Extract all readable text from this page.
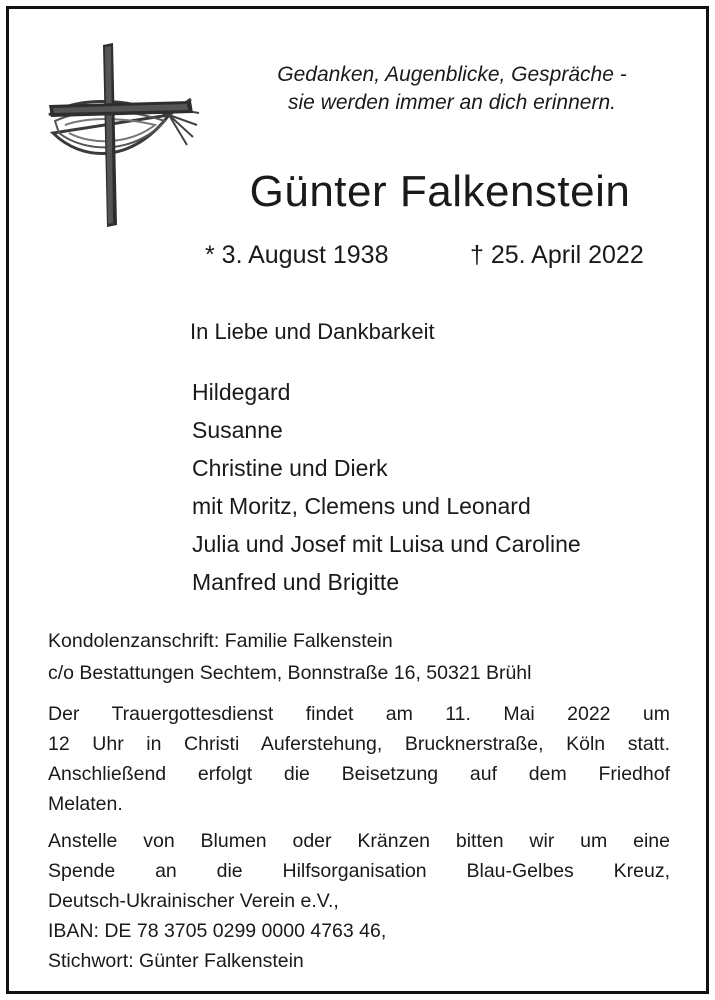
Gedanken, Augenblicke, Gespräche -
sie werden immer an dich erinnern.
Günter Falkenstein
* 3. August 1938	† 25. April 2022
In Liebe und Dankbarkeit
Hildegard
Susanne
Christine und Dierk
mit Moritz, Clemens und Leonard
Julia und Josef mit Luisa und Caroline
Manfred und Brigitte
Kondolenzanschrift: Familie Falkenstein
c/o Bestattungen Sechtem, Bonnstraße 16, 50321 Brühl
Der Trauergottesdienst findet am 11. Mai 2022 um
12 Uhr in Christi Auferstehung, Brucknerstraße, Köln statt.
Anschließend erfolgt die Beisetzung auf dem Friedhof
Melaten.
Anstelle von Blumen oder Kränzen bitten wir um eine
Spende an die Hilfsorganisation Blau-Gelbes Kreuz,
Deutsch-Ukrainischer Verein e.V.,
IBAN: DE 78 3705 0299 0000 4763 46,
Stichwort: Günter Falkenstein
